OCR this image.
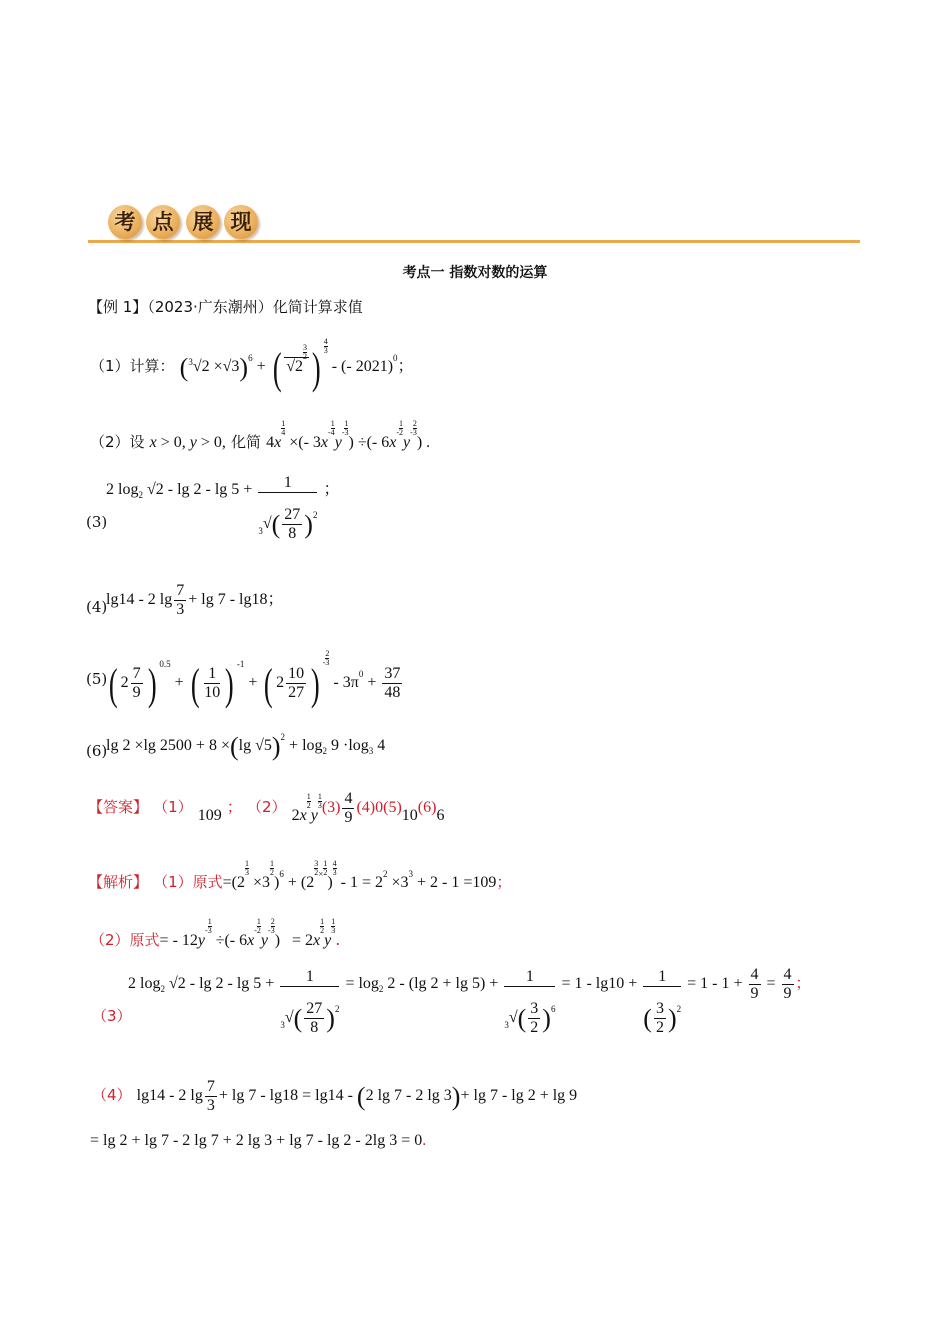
考 点 展 现
考点一 指数对数的运算
【例 1】（2023·广东潮州）化简计算求值
（1）计算： $(^3√2 \times√3)^6$ + ( √2
$\frac{3}{2}$ ) $\frac{4}{3}$
- (- 2021)$^0$；
（2）设 x > 0, y > 0, 化简 4x
$\frac{1}{4}$
×(- 3x
- $\frac{1}{4}$
y
- $\frac{1}{3}$
) ÷(- 6x
- $\frac{1}{2}$
y
- $\frac{2}{3}$
) .
(3)
2 $\log_2 √2 - \lg 2 - \lg 5 + \frac{1}{_3√( \frac{27}{8} )^2}$ ；
(4)
lg14 - 2 $\lg \frac{7}{3} + \lg 7 - \lg 18$；
(5) ( $2 \frac{7}{9}$ ) $^{0.5}$ + ( $\frac{1}{10}$ ) $^{-1}$ + ( $2 \frac{10}{27}$ ) - $\frac{2}{3}$
- $3\pi^0 + \frac{37}{48}$
(6)
lg 2 ×lg 2500 + 8 ×(lg $√5)^2 + \log_2 9 \cdot\log_3$ 4
【答案】 （1） 109 ； （2） 2x
$\frac{1}{2}$
y
$\frac{1}{3} (3) \frac{4}{9} (4)0(5)10(6)6$
【解析】 （1）原式=(2
$\frac{1}{3}$
×3
$\frac{1}{2}$
)$^6$ + (2
$\frac{3}{2} ^\times \frac{1}{2}$
)
$\frac{4}{3}$
- $1 = 2^2 \times 3^3 + 2 - 1 =109$；
（2）原式= - 12y
- $\frac{1}{3}$
÷(- 6x
- $\frac{1}{2}$
y
- $\frac{2}{3}$
)   = 2x
$\frac{1}{2}$
y
$\frac{1}{3}$
.
（3）
2 $\log_2 √2 - \lg 2 - \lg 5 + \frac{1}{_3√( \frac{27}{8} )^2} = \log_2 2 - (\lg$ $2 + \lg 5) + \frac{1}{_3√( \frac{3}{2} )^6} = 1 - \lg 10 + \frac{1}{( \frac{3}{2} )^2} = 1 - 1 + \frac{4}{9} = \frac{4}{9}$ ；
（4） lg14 - 2 $\lg \frac{7}{3} + \lg 7 - \lg 18 = \lg 14 - (2$ lg 7 - 2 lg 3)+ lg 7 - lg 2 + lg 9
= lg 2 + lg 7 - 2 lg 7 + 2 lg 3 + lg 7 - lg 2 - 2lg 3 = 0.
